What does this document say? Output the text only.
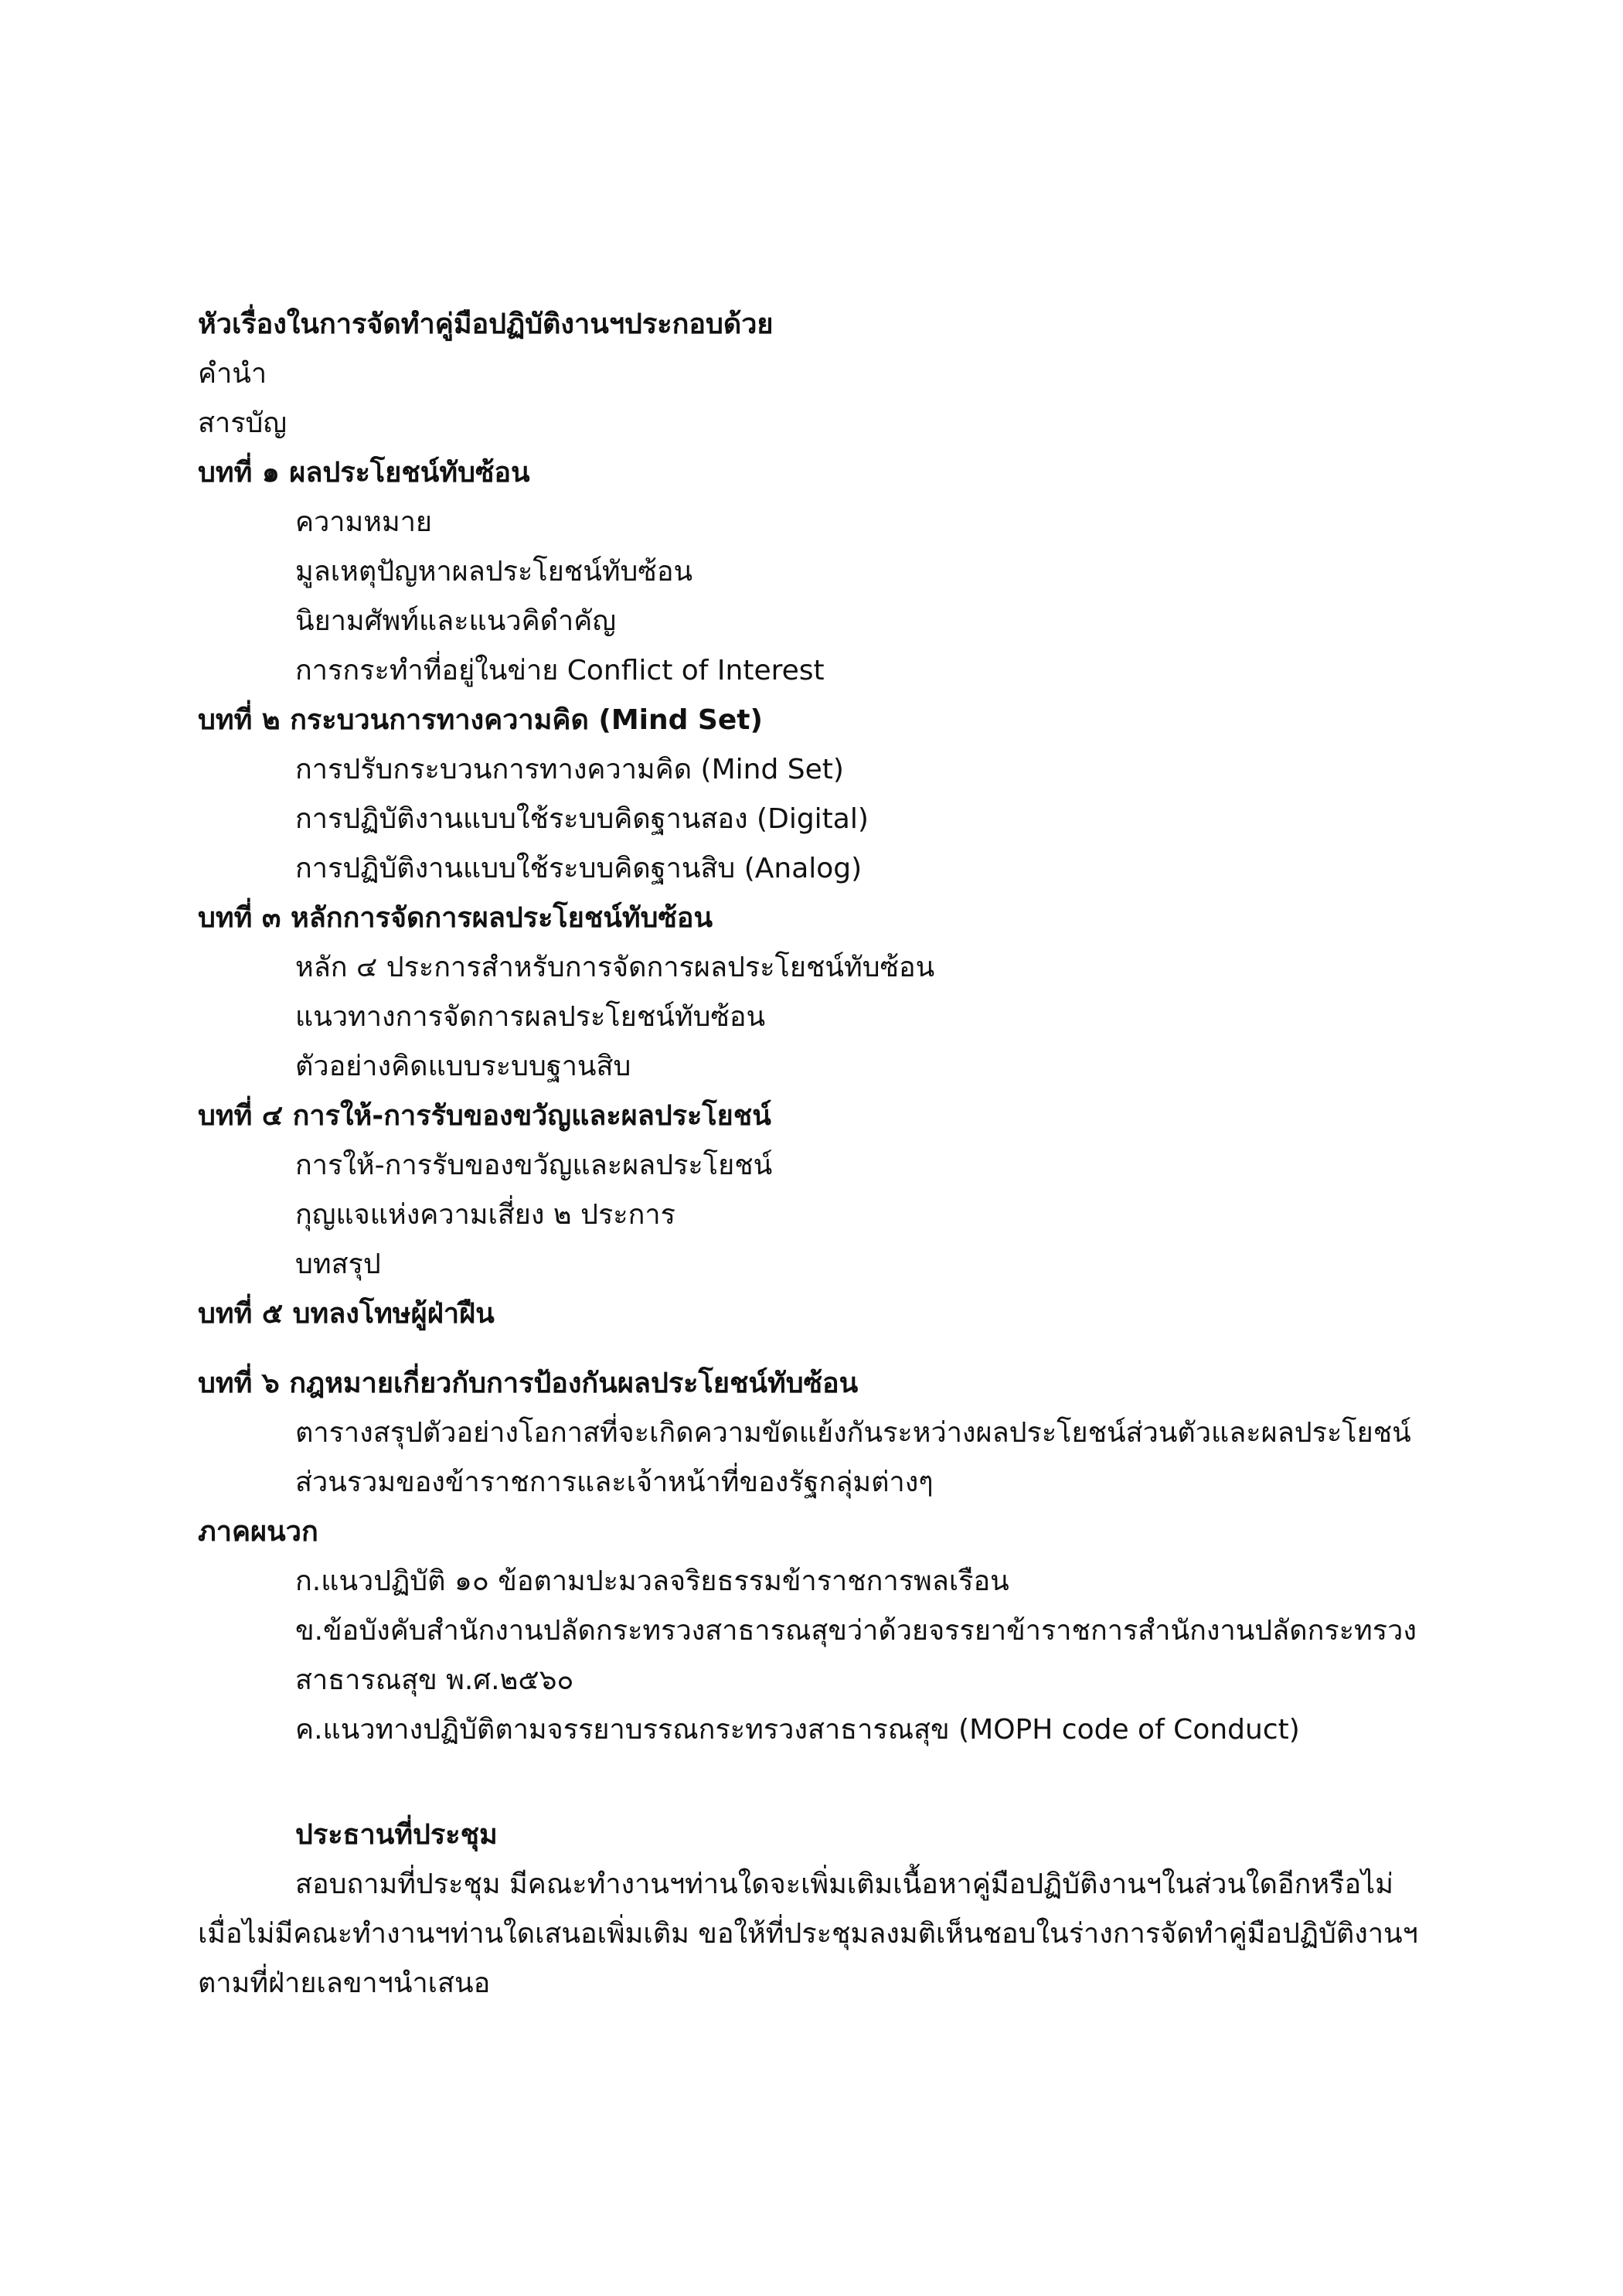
หัวเรื่องในการจัดทำคู่มือปฏิบัติงานฯประกอบด้วย
คำนำ
สารบัญ
บทที่ ๑ ผลประโยชน์ทับซ้อน
ความหมาย
มูลเหตุปัญหาผลประโยชน์ทับซ้อน
นิยามศัพท์และแนวคิดำคัญ
การกระทำที่อยู่ในข่าย Conflict of Interest
บทที่ ๒ กระบวนการทางความคิด (Mind Set)
การปรับกระบวนการทางความคิด (Mind Set)
การปฏิบัติงานแบบใช้ระบบคิดฐานสอง (Digital)
การปฏิบัติงานแบบใช้ระบบคิดฐานสิบ (Analog)
บทที่ ๓ หลักการจัดการผลประโยชน์ทับซ้อน
หลัก ๔ ประการสำหรับการจัดการผลประโยชน์ทับซ้อน
แนวทางการจัดการผลประโยชน์ทับซ้อน
ตัวอย่างคิดแบบระบบฐานสิบ
บทที่ ๔ การให้-การรับของขวัญและผลประโยชน์
การให้-การรับของขวัญและผลประโยชน์
กุญแจแห่งความเสี่ยง ๒ ประการ
บทสรุป
บทที่ ๕ บทลงโทษผู้ฝ่าฝืน
บทที่ ๖ กฎหมายเกี่ยวกับการป้องกันผลประโยชน์ทับซ้อน
ตารางสรุปตัวอย่างโอกาสที่จะเกิดความขัดแย้งกันระหว่างผลประโยชน์ส่วนตัวและผลประโยชน์
ส่วนรวมของข้าราชการและเจ้าหน้าที่ของรัฐกลุ่มต่างๆ
ภาคผนวก
ก.แนวปฏิบัติ ๑๐ ข้อตามปะมวลจริยธรรมข้าราชการพลเรือน
ข.ข้อบังคับสำนักงานปลัดกระทรวงสาธารณสุขว่าด้วยจรรยาข้าราชการสำนักงานปลัดกระทรวง
สาธารณสุข พ.ศ.๒๕๖๐
ค.แนวทางปฏิบัติตามจรรยาบรรณกระทรวงสาธารณสุข (MOPH code of Conduct)
ประธานที่ประชุม
สอบถามที่ประชุม มีคณะทำงานฯท่านใดจะเพิ่มเติมเนื้อหาคู่มือปฏิบัติงานฯในส่วนใดอีกหรือไม่ เมื่อไม่มีคณะทำงานฯท่านใดเสนอเพิ่มเติม ขอให้ที่ประชุมลงมติเห็นชอบในร่างการจัดทำคู่มือปฏิบัติงานฯตามที่ฝ่ายเลขาฯนำเสนอ
